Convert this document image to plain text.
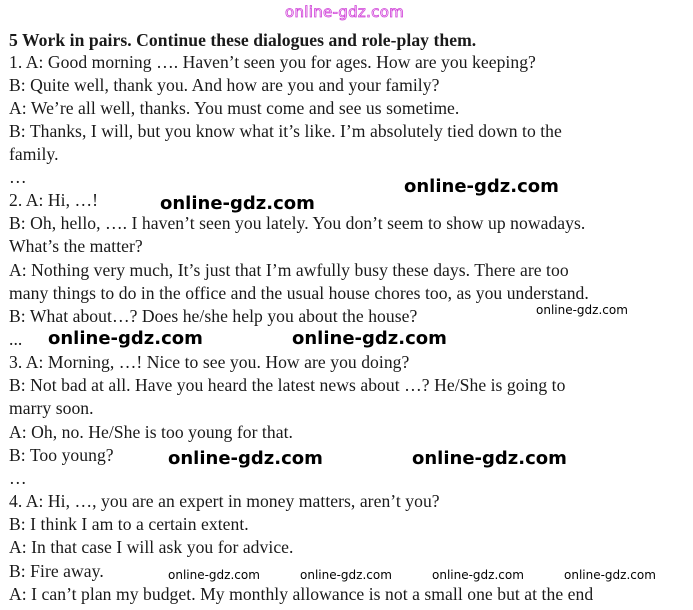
online-gdz.com
5 Work in pairs. Continue these dialogues and role-play them.
1. A: Good morning …. Haven’t seen you for ages. How are you keeping?
B: Quite well, thank you. And how are you and your family?
A: We’re all well, thanks. You must come and see us sometime.
B: Thanks, I will, but you know what it’s like. I’m absolutely tied down to the
family.
…
2. A: Hi, …!
B: Oh, hello, …. I haven’t seen you lately. You don’t seem to show up nowadays.
What’s the matter?
A: Nothing very much, It’s just that I’m awfully busy these days. There are too
many things to do in the office and the usual house chores too, as you understand.
B: What about…? Does he/she help you about the house?
...
3. A: Morning, …! Nice to see you. How are you doing?
B: Not bad at all. Have you heard the latest news about …? He/She is going to
marry soon.
A: Oh, no. He/She is too young for that.
B: Too young?
…
4. A: Hi, …, you are an expert in money matters, aren’t you?
B: I think I am to a certain extent.
A: In that case I will ask you for advice.
B: Fire away.
A: I can’t plan my budget. My monthly allowance is not a small one but at the end
online-gdz.com
online-gdz.com
online-gdz.com
online-gdz.com	online-gdz.com
online-gdz.com	online-gdz.com
online-gdz.com	online-gdz.com	online-gdz.com	online-gdz.com
